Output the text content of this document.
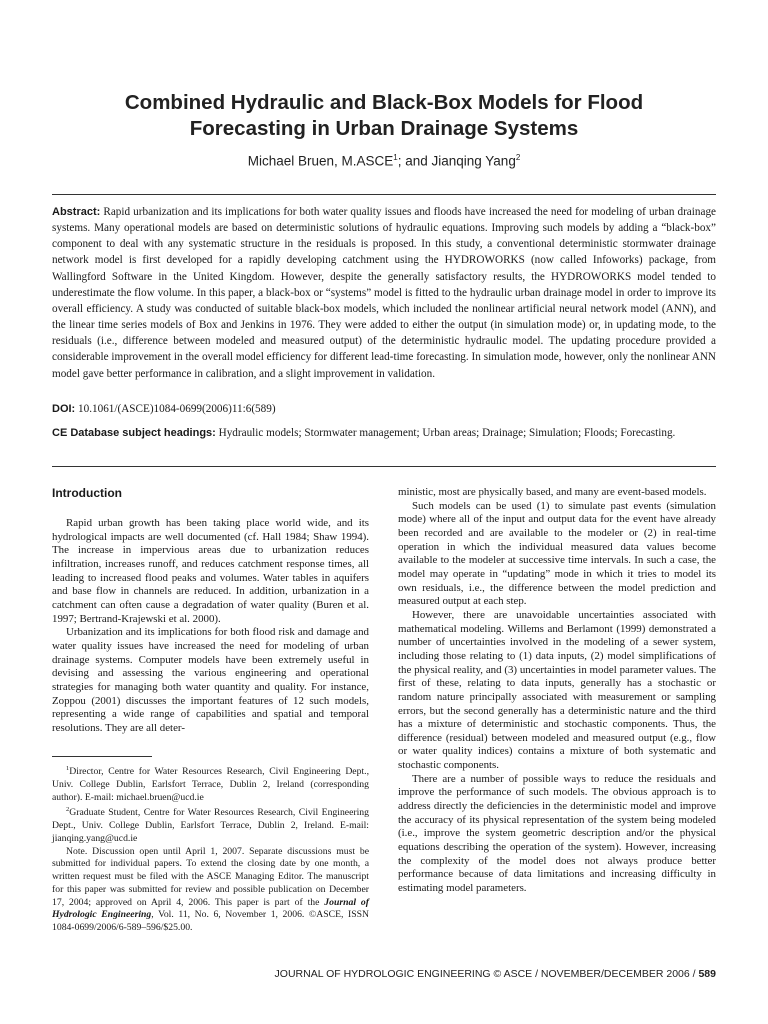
Combined Hydraulic and Black-Box Models for Flood
Forecasting in Urban Drainage Systems
Michael Bruen, M.ASCE$^1$; and Jianqing Yang$^2$
Abstract: Rapid urbanization and its implications for both water quality issues and floods have increased the need for modeling of urban drainage systems. Many operational models are based on deterministic solutions of hydraulic equations. Improving such models by adding a “black-box” component to deal with any systematic structure in the residuals is proposed. In this study, a conventional deterministic stormwater drainage network model is first developed for a rapidly developing catchment using the HYDROWORKS (now called Infoworks) package, from Wallingford Software in the United Kingdom. However, despite the generally satisfactory results, the HYDROWORKS model tended to underestimate the flow volume. In this paper, a black-box or “systems” model is fitted to the hydraulic urban drainage model in order to improve its overall efficiency. A study was conducted of suitable black-box models, which included the nonlinear artificial neural network model (ANN), and the linear time series models of Box and Jenkins in 1976. They were added to either the output (in simulation mode) or, in updating mode, to the residuals (i.e., difference between modeled and measured output) of the deterministic hydraulic model. The updating procedure provided a considerable improvement in the overall model efficiency for different lead-time forecasting. In simulation mode, however, only the nonlinear ANN model gave better performance in calibration, and a slight improvement in validation.
DOI: 10.1061/(ASCE)1084-0699(2006)11:6(589)
CE Database subject headings: Hydraulic models; Stormwater management; Urban areas; Drainage; Simulation; Floods; Forecasting.
Introduction

Rapid urban growth has been taking place world wide, and its hydrological impacts are well documented (cf. Hall 1984; Shaw 1994). The increase in impervious areas due to urbanization reduces infiltration, increases runoff, and reduces catchment response times, all leading to increased flood peaks and volumes. Water tables in aquifers and base flow in channels are reduced. In addition, urbanization in a catchment can often cause a degradation of water quality (Buren et al. 1997; Bertrand-Krajewski et al. 2000).

Urbanization and its implications for both flood risk and damage and water quality issues have increased the need for modeling of urban drainage systems. Computer models have been extremely useful in devising and assessing the various engineering and operational strategies for managing both water quantity and quality. For instance, Zoppou (2001) discusses the important features of 12 such models, representing a wide range of capabilities and spatial and temporal resolutions. They are all deter-

ministic, most are physically based, and many are event-based models.

Such models can be used (1) to simulate past events (simulation mode) where all of the input and output data for the event have already been recorded and are available to the modeler or (2) in real-time operation in which the individual measured data values become available to the modeler at successive time intervals. In such a case, the model may operate in “updating” mode in which it tries to model its own residuals, i.e., the difference between the model prediction and measured output at each step.

However, there are unavoidable uncertainties associated with mathematical modeling. Willems and Berlamont (1999) demonstrated a number of uncertainties involved in the modeling of a sewer system, including those relating to (1) data inputs, (2) model simplifications of the physical reality, and (3) uncertainties in model parameter values. The first of these, relating to data inputs, generally has a stochastic or random nature principally associated with measurement or sampling errors, but the second generally has a deterministic nature and the third has a mixture of deterministic and stochastic components. Thus, the difference (residual) between modeled and measured output (e.g., flow or water quality indices) contains a mixture of both systematic and stochastic components.

There are a number of possible ways to reduce the residuals and improve the performance of such models. The obvious approach is to address directly the deficiencies in the deterministic model and improve the accuracy of its physical representation of the system being modeled (i.e., improve the system geometric description and/or the physical equations describing the operation of the system). However, increasing the complexity of the model does not always produce better performance because of data limitations and increasing difficulty in estimating model parameters.

$^1$Director, Centre for Water Resources Research, Civil Engineering Dept., Univ. College Dublin, Earlsfort Terrace, Dublin 2, Ireland (corresponding author). E-mail: michael.bruen@ucd.ie

$^2$Graduate Student, Centre for Water Resources Research, Civil Engineering Dept., Univ. College Dublin, Earlsfort Terrace, Dublin 2, Ireland. E-mail: jianqing.yang@ucd.ie

Note. Discussion open until April 1, 2007. Separate discussions must be submitted for individual papers. To extend the closing date by one month, a written request must be filed with the ASCE Managing Editor. The manuscript for this paper was submitted for review and possible publication on December 17, 2004; approved on April 4, 2006. This paper is part of the Journal of Hydrologic Engineering, Vol. 11, No. 6, November 1, 2006. ©ASCE, ISSN 1084-0699/2006/6-589–596/$25.00.

JOURNAL OF HYDROLOGIC ENGINEERING © ASCE / NOVEMBER/DECEMBER 2006 / 589
